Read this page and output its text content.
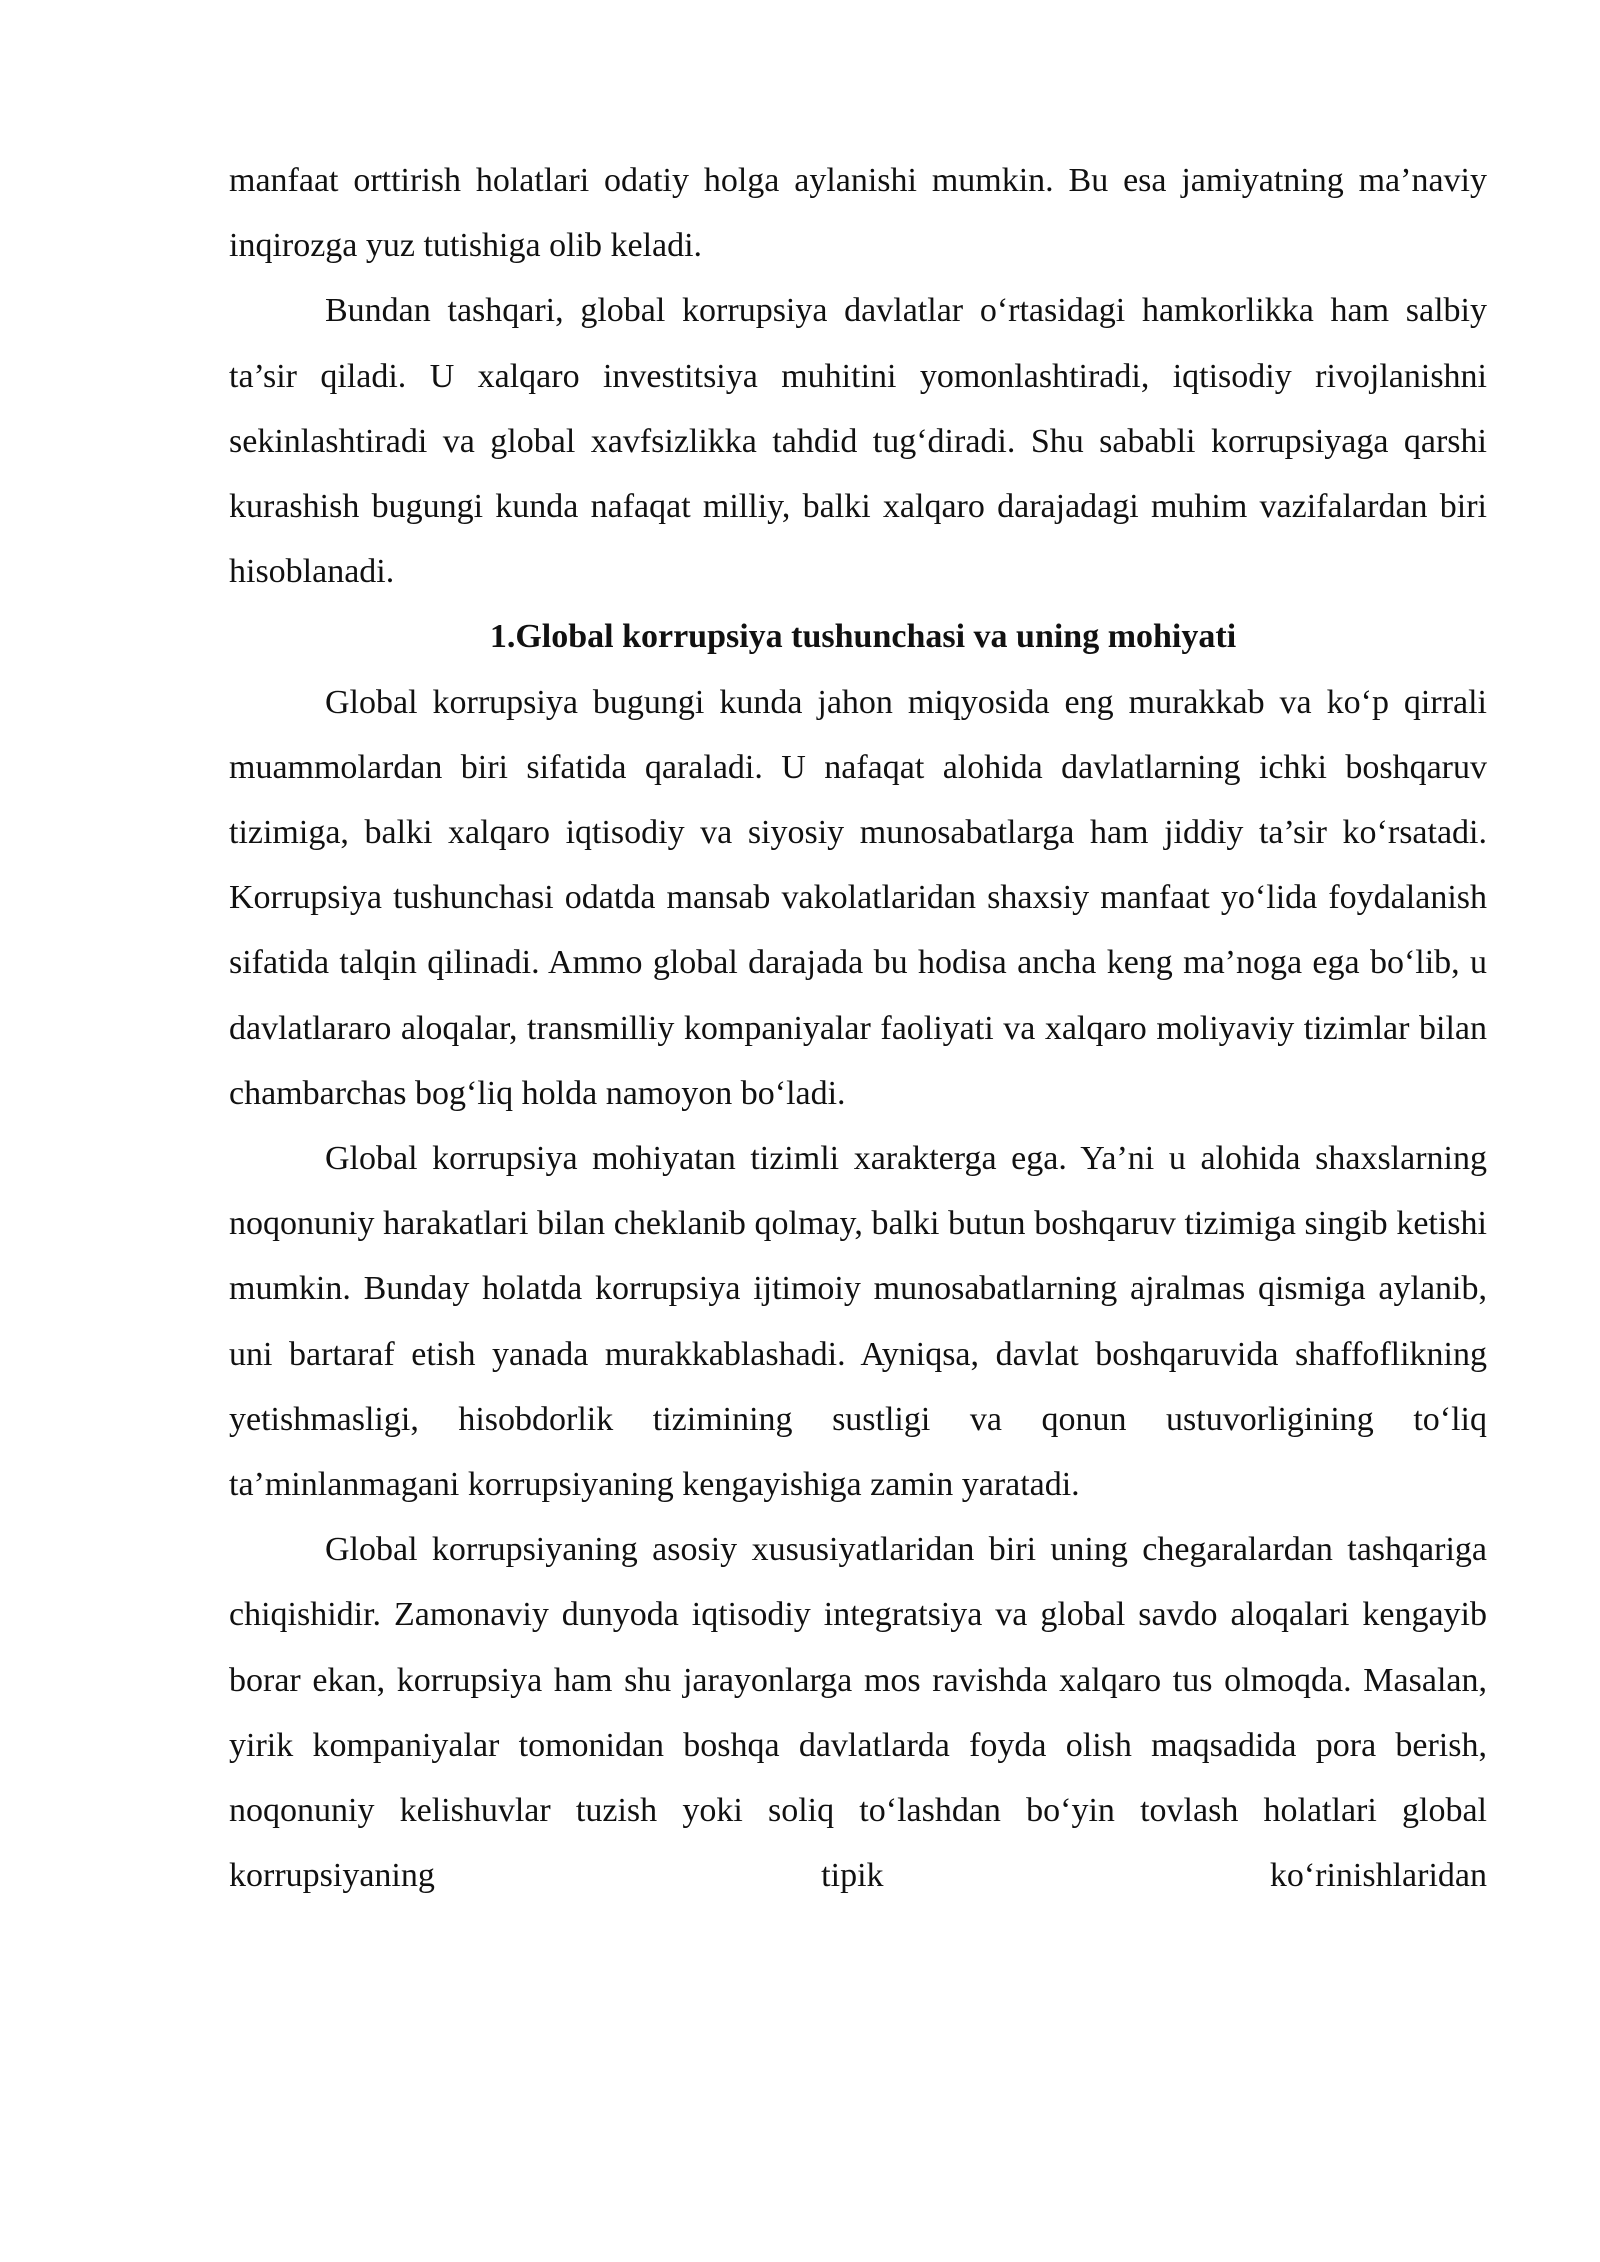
manfaat orttirish holatlari odatiy holga aylanishi mumkin. Bu esa jamiyatning ma’naviy inqirozga yuz tutishiga olib keladi.

Bundan tashqari, global korrupsiya davlatlar o‘rtasidagi hamkorlikka ham salbiy ta’sir qiladi. U xalqaro investitsiya muhitini yomonlashtiradi, iqtisodiy rivojlanishni sekinlashtiradi va global xavfsizlikka tahdid tug‘diradi. Shu sababli korrupsiyaga qarshi kurashish bugungi kunda nafaqat milliy, balki xalqaro darajadagi muhim vazifalardan biri hisoblanadi.

1.Global korrupsiya tushunchasi va uning mohiyati

Global korrupsiya bugungi kunda jahon miqyosida eng murakkab va ko‘p qirrali muammolardan biri sifatida qaraladi. U nafaqat alohida davlatlarning ichki boshqaruv tizimiga, balki xalqaro iqtisodiy va siyosiy munosabatlarga ham jiddiy ta’sir ko‘rsatadi. Korrupsiya tushunchasi odatda mansab vakolatlaridan shaxsiy manfaat yo‘lida foydalanish sifatida talqin qilinadi. Ammo global darajada bu hodisa ancha keng ma’noga ega bo‘lib, u davlatlararo aloqalar, transmilliy kompaniyalar faoliyati va xalqaro moliyaviy tizimlar bilan chambarchas bog‘liq holda namoyon bo‘ladi.

Global korrupsiya mohiyatan tizimli xarakterga ega. Ya’ni u alohida shaxslarning noqonuniy harakatlari bilan cheklanib qolmay, balki butun boshqaruv tizimiga singib ketishi mumkin. Bunday holatda korrupsiya ijtimoiy munosabatlarning ajralmas qismiga aylanib, uni bartaraf etish yanada murakkablashadi. Ayniqsa, davlat boshqaruvida shaffoflikning yetishmasligi, hisobdorlik tizimining sustligi va qonun ustuvorligining to‘liq ta’minlanmagani korrupsiyaning kengayishiga zamin yaratadi.

Global korrupsiyaning asosiy xususiyatlaridan biri uning chegaralardan tashqariga chiqishidir. Zamonaviy dunyoda iqtisodiy integratsiya va global savdo aloqalari kengayib borar ekan, korrupsiya ham shu jarayonlarga mos ravishda xalqaro tus olmoqda. Masalan, yirik kompaniyalar tomonidan boshqa davlatlarda foyda olish maqsadida pora berish, noqonuniy kelishuvlar tuzish yoki soliq to‘lashdan bo‘yin tovlash holatlari global korrupsiyaning tipik ko‘rinishlaridan
